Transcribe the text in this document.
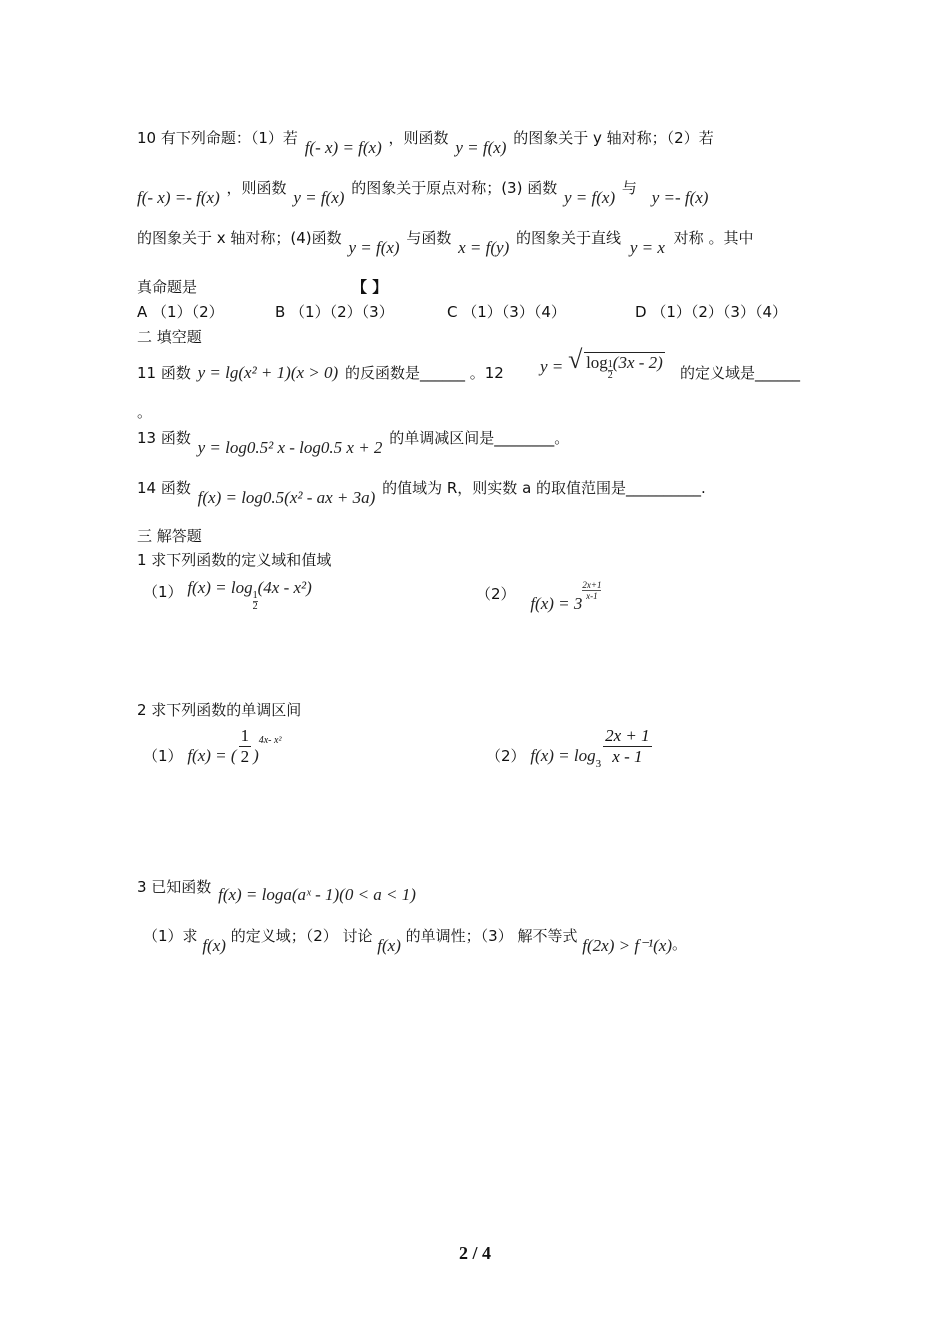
10 有下列命题：（1）若 f(- x) = f(x) ，则函数 y = f(x) 的图象关于 y 轴对称；（2）若
f(- x) =- f(x) ，则函数 y = f(x) 的图象关于原点对称；(3) 函数 y = f(x) 与 y =- f(x)
的图象关于 x 轴对称；(4)函数 y = f(x) 与函数 x = f(y) 的图象关于直线 y = x 对称 。其中
真命题是	【 】
A （1）（2）	B （1）（2）（3）	C （1）（3）（4）	D （1）（2）（3）（4）
二 填空题
11 函数 y = lg(x² + 1)(x > 0) 的反函数是______ 。12 y = √ $\log \frac{1}{2} (3x - 2)$
的定义域是______
。
13 函数 y = log0.5² x - log0.5 x + 2 的单调减区间是________。
14 函数 f(x) = log0.5(x² - ax + 3a) 的值域为 R，则实数 a 的取值范围是__________.
三 解答题
1 求下列函数的定义域和值域
（1） f(x) = log
$\frac{1}{2}$
(4x - x²)	（2） f(x) = 3
$\frac{2x+1}{x-1}$
2 求下列函数的单调区间
（1） f(x) = ( $\frac{1}{2} )^{4x- x^2}$
（2） $f(x) = \log_3 \frac{2x + 1}{x - 1}$
3 已知函数 f(x) = loga(aˣ - 1)(0 < a < 1)
（1）求 f(x) 的定义域；（2） 讨论 f(x) 的单调性；（3） 解不等式 f(2x) > f⁻¹(x)。
2 / 4
